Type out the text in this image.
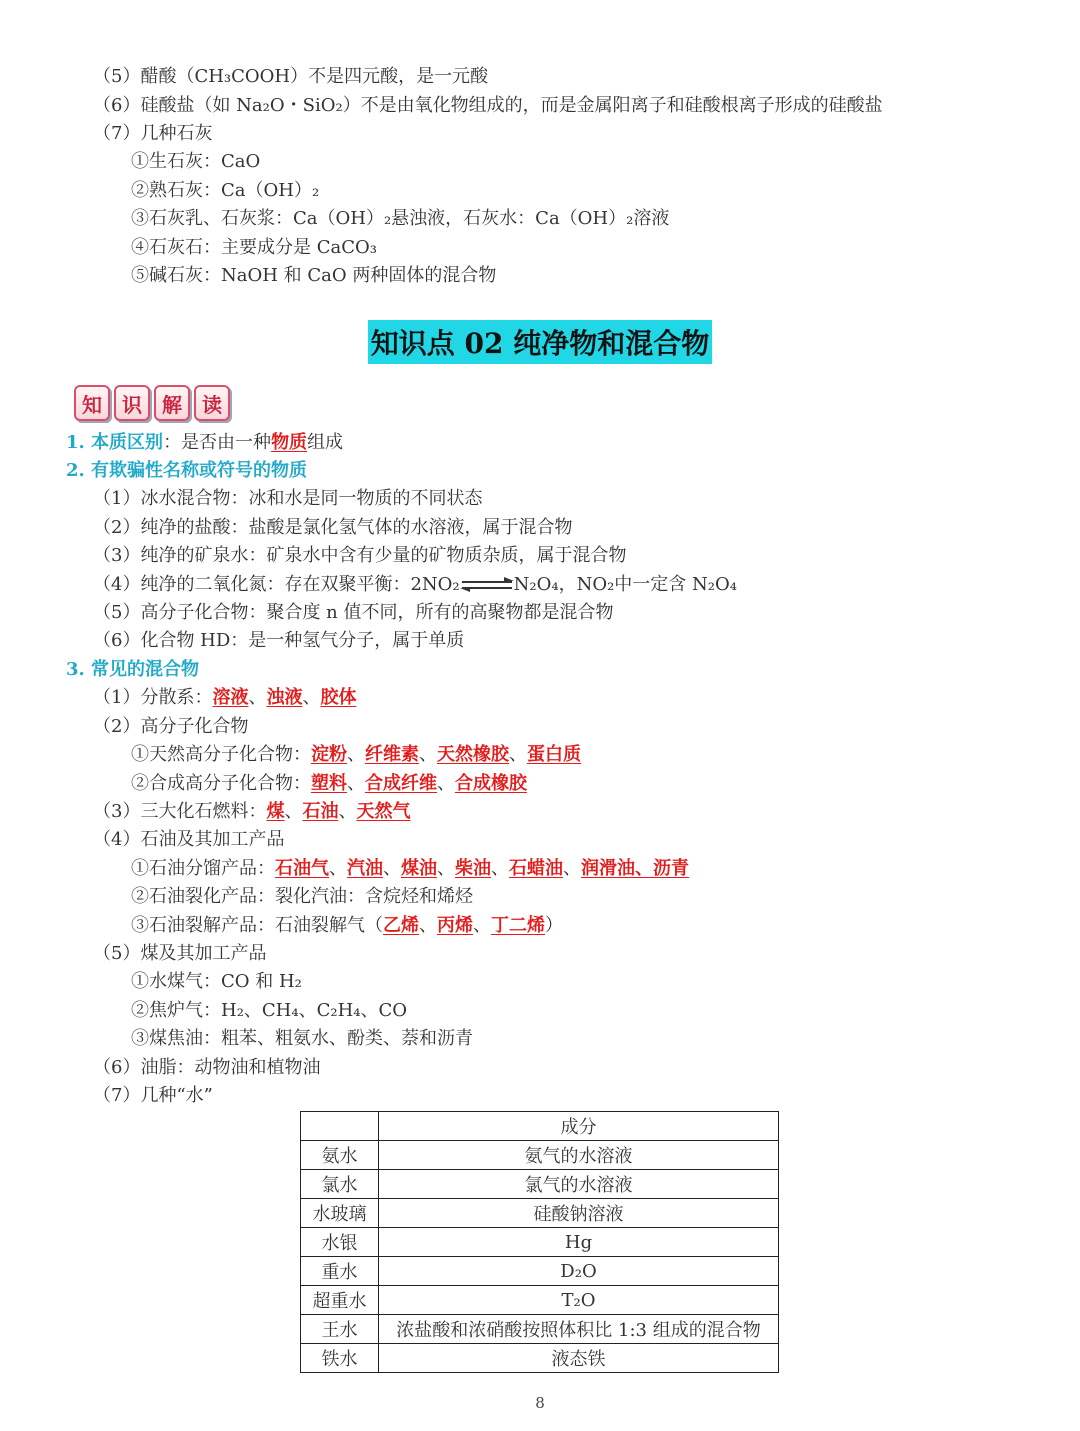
（5）醋酸（CH₃COOH）不是四元酸，是一元酸
（6）硅酸盐（如 Na₂O・SiO₂）不是由氧化物组成的，而是金属阳离子和硅酸根离子形成的硅酸盐
（7）几种石灰
①生石灰：CaO
②熟石灰：Ca（OH）₂
③石灰乳、石灰浆：Ca（OH）₂悬浊液，石灰水：Ca（OH）₂溶液
④石灰石：主要成分是 CaCO₃
⑤碱石灰：NaOH 和 CaO 两种固体的混合物
知识点 02 纯净物和混合物
知	识	解	读
1. 本质区别：是否由一种物质组成
2. 有欺骗性名称或符号的物质
（1）冰水混合物：冰和水是同一物质的不同状态
（2）纯净的盐酸：盐酸是氯化氢气体的水溶液，属于混合物
（3）纯净的矿泉水：矿泉水中含有少量的矿物质杂质，属于混合物
（4）纯净的二氧化氮：存在双聚平衡：2NO₂	N₂O₄，NO₂中一定含 N₂O₄
（5）高分子化合物：聚合度 n 值不同，所有的高聚物都是混合物
（6）化合物 HD：是一种氢气分子，属于单质
3. 常见的混合物
（1）分散系：溶液、浊液、胶体
（2）高分子化合物
①天然高分子化合物：淀粉、纤维素、天然橡胶、蛋白质
②合成高分子化合物：塑料、合成纤维、合成橡胶
（3）三大化石燃料：煤、石油、天然气
（4）石油及其加工产品
①石油分馏产品：石油气、汽油、煤油、柴油、石蜡油、润滑油、沥青
②石油裂化产品：裂化汽油：含烷烃和烯烃
③石油裂解产品：石油裂解气（乙烯、丙烯、丁二烯）
（5）煤及其加工产品
①水煤气：CO 和 H₂
②焦炉气：H₂、CH₄、C₂H₄、CO
③煤焦油：粗苯、粗氨水、酚类、萘和沥青
（6）油脂：动物油和植物油
（7）几种“水”
	成分
氨水	氨气的水溶液
氯水	氯气的水溶液
水玻璃	硅酸钠溶液
水银	Hg
重水	D₂O
超重水	T₂O
王水	浓盐酸和浓硝酸按照体积比 1:3 组成的混合物
铁水	液态铁
8
